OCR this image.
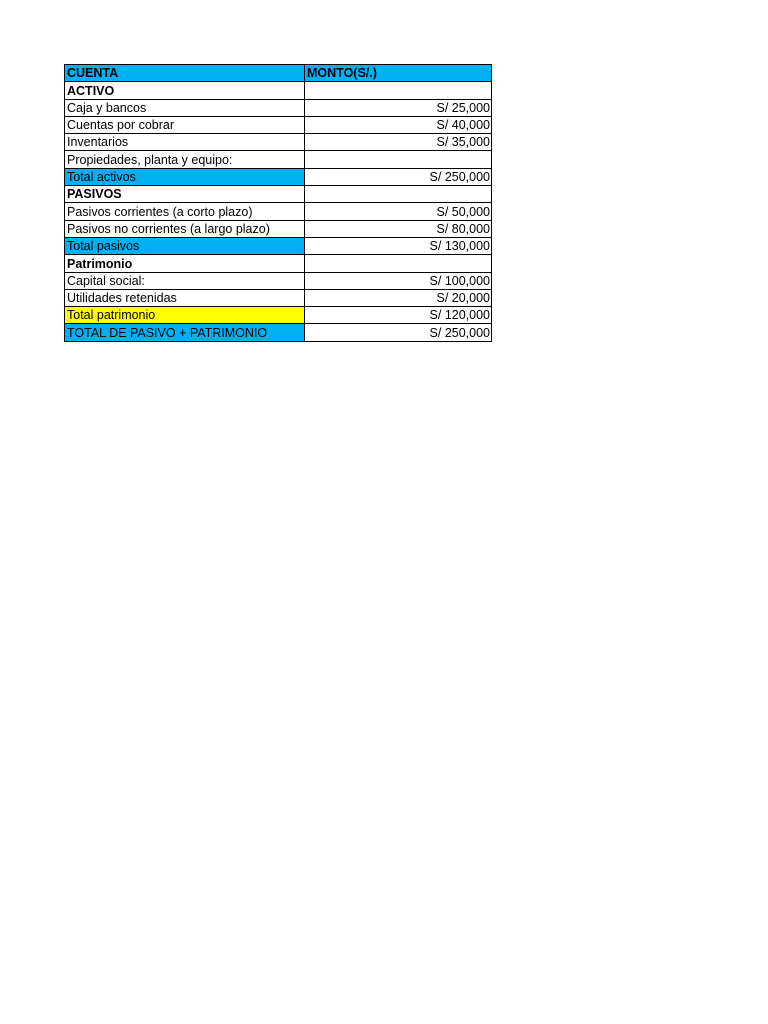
CUENTA	MONTO(S/.)
ACTIVO	
Caja y bancos	S/ 25,000
Cuentas por cobrar	S/ 40,000
Inventarios	S/ 35,000
Propiedades, planta y equipo:	
Total activos	S/ 250,000
PASIVOS	
Pasivos corrientes (a corto plazo)	S/ 50,000
Pasivos no corrientes (a largo plazo)	S/ 80,000
Total pasivos	S/ 130,000
Patrimonio	
Capital social:	S/ 100,000
Utilidades retenidas	S/ 20,000
Total patrimonio	S/ 120,000
TOTAL DE PASIVO + PATRIMONIO	S/ 250,000
